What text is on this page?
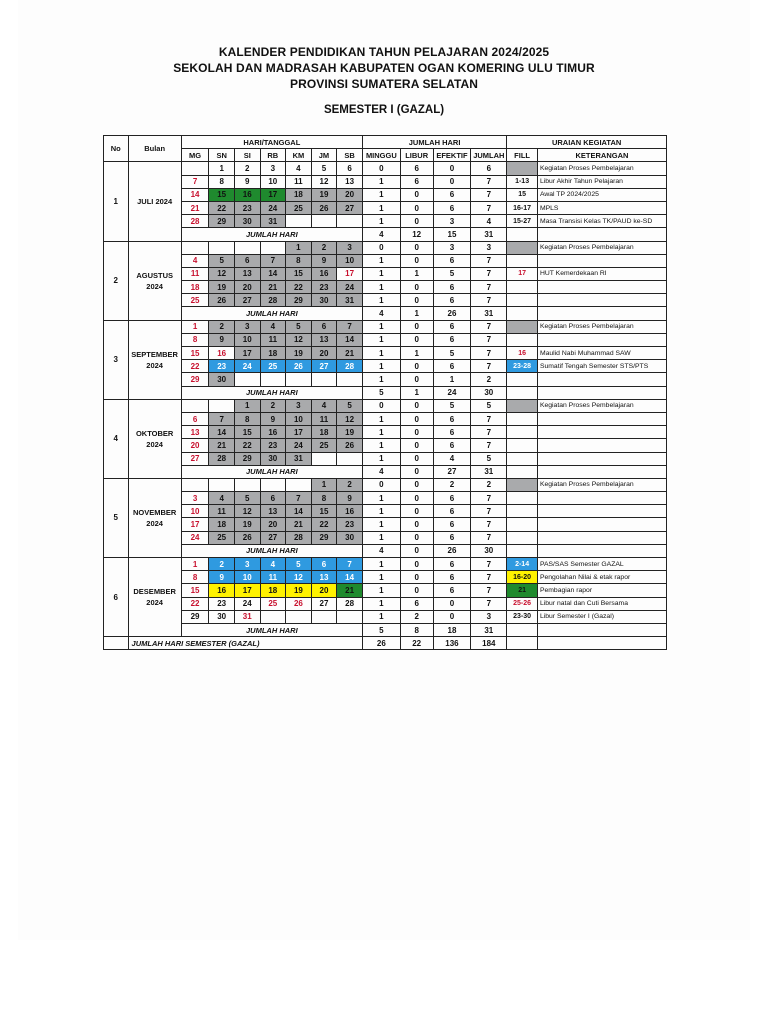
KALENDER PENDIDIKAN TAHUN PELAJARAN 2024/2025
SEKOLAH DAN MADRASAH KABUPATEN OGAN KOMERING ULU TIMUR
PROVINSI SUMATERA SELATAN
SEMESTER I (GAZAL)
No	Bulan	HARI/TANGGAL							JUMLAH HARI				URAIAN KEGIATAN	
		MG	SN	SI	RB	KM	JM	SB	MINGGU	LIBUR	EFEKTIF	JUMLAH	FILL	KETERANGAN
1	JULI 2024		1	2	3	4	5	6	0	6	0	6		Kegiatan Proses Pembelajaran
		7	8	9	10	11	12	13	1	6	0	7	1-13	Libur Akhir Tahun Pelajaran
		14	15	16	17	18	19	20	1	0	6	7	15	Awal TP 2024/2025
		21	22	23	24	25	26	27	1	0	6	7	16-17	MPLS
		28	29	30	31				1	0	3	4	15-27	Masa Transisi Kelas TK/PAUD ke-SD
		JUMLAH HARI							4	12	15	31		
2	AGUSTUS 2024					1	2	3	0	0	3	3		Kegiatan Proses Pembelajaran
		4	5	6	7	8	9	10	1	0	6	7		
		11	12	13	14	15	16	17	1	1	5	7	17	HUT Kemerdekaan RI
		18	19	20	21	22	23	24	1	0	6	7		
		25	26	27	28	29	30	31	1	0	6	7		
		JUMLAH HARI							4	1	26	31		
3	SEPTEMBER 2024	1	2	3	4	5	6	7	1	0	6	7		Kegiatan Proses Pembelajaran
		8	9	10	11	12	13	14	1	0	6	7		
		15	16	17	18	19	20	21	1	1	5	7	16	Maulid Nabi Muhammad SAW
		22	23	24	25	26	27	28	1	0	6	7	23-28	Sumatif Tengah Semester STS/PTS
		29	30						1	0	1	2		
		JUMLAH HARI							5	1	24	30		
4	OKTOBER 2024			1	2	3	4	5	0	0	5	5		Kegiatan Proses Pembelajaran
		6	7	8	9	10	11	12	1	0	6	7		
		13	14	15	16	17	18	19	1	0	6	7		
		20	21	22	23	24	25	26	1	0	6	7		
		27	28	29	30	31			1	0	4	5		
		JUMLAH HARI							4	0	27	31		
5	NOVEMBER 2024						1	2	0	0	2	2		Kegiatan Proses Pembelajaran
		3	4	5	6	7	8	9	1	0	6	7		
		10	11	12	13	14	15	16	1	0	6	7		
		17	18	19	20	21	22	23	1	0	6	7		
		24	25	26	27	28	29	30	1	0	6	7		
		JUMLAH HARI							4	0	26	30		
6	DESEMBER 2024	1	2	3	4	5	6	7	1	0	6	7	2-14	PAS/SAS Semester GAZAL
		8	9	10	11	12	13	14	1	0	6	7	16-20	Pengolahan Nilai & etak rapor
		15	16	17	18	19	20	21	1	0	6	7	21	Pembagian rapor
		22	23	24	25	26	27	28	1	6	0	7	25-26	Libur natal dan Cuti Bersama
		29	30	31					1	2	0	3	23-30	Libur Semester I (Gazal)
		JUMLAH HARI							5	8	18	31		
	JUMLAH HARI SEMESTER (GAZAL)								26	22	136	184		
